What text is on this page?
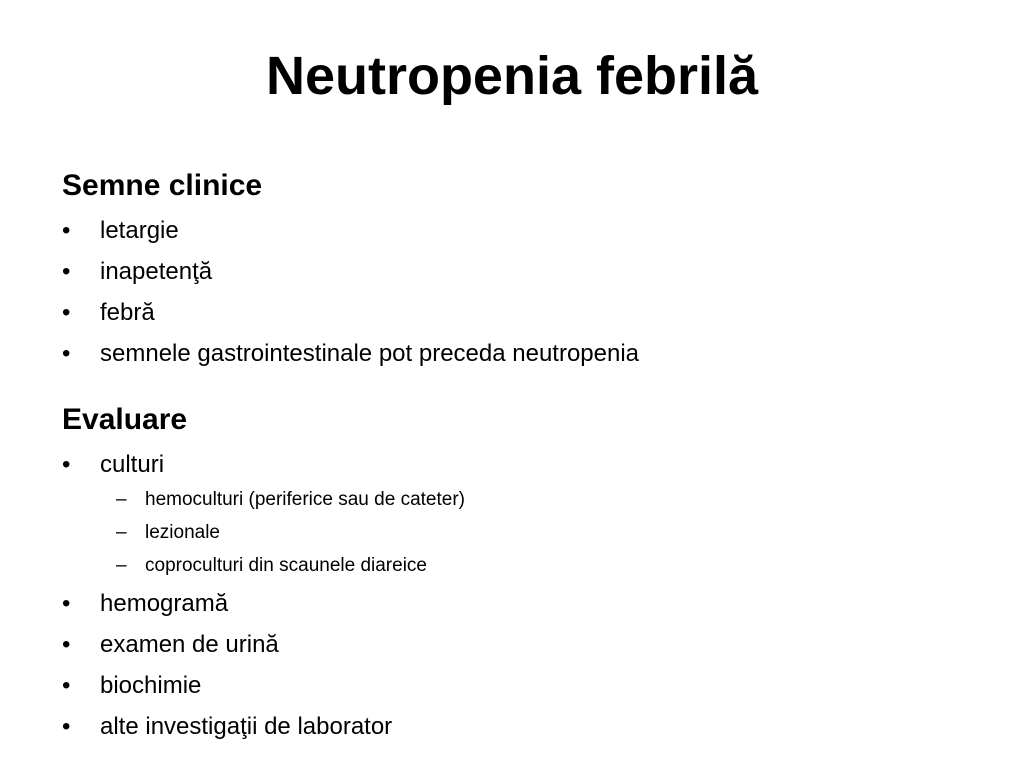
Neutropenia febrilă
Semne clinice
• letargie
• inapetenţă
• febră
• semnele gastrointestinale pot preceda neutropenia
Evaluare
• culturi
– hemoculturi (periferice sau de cateter)
– lezionale
– coproculturi din scaunele diareice
• hemogramă
• examen de urină
• biochimie
• alte investigaţii de laborator
